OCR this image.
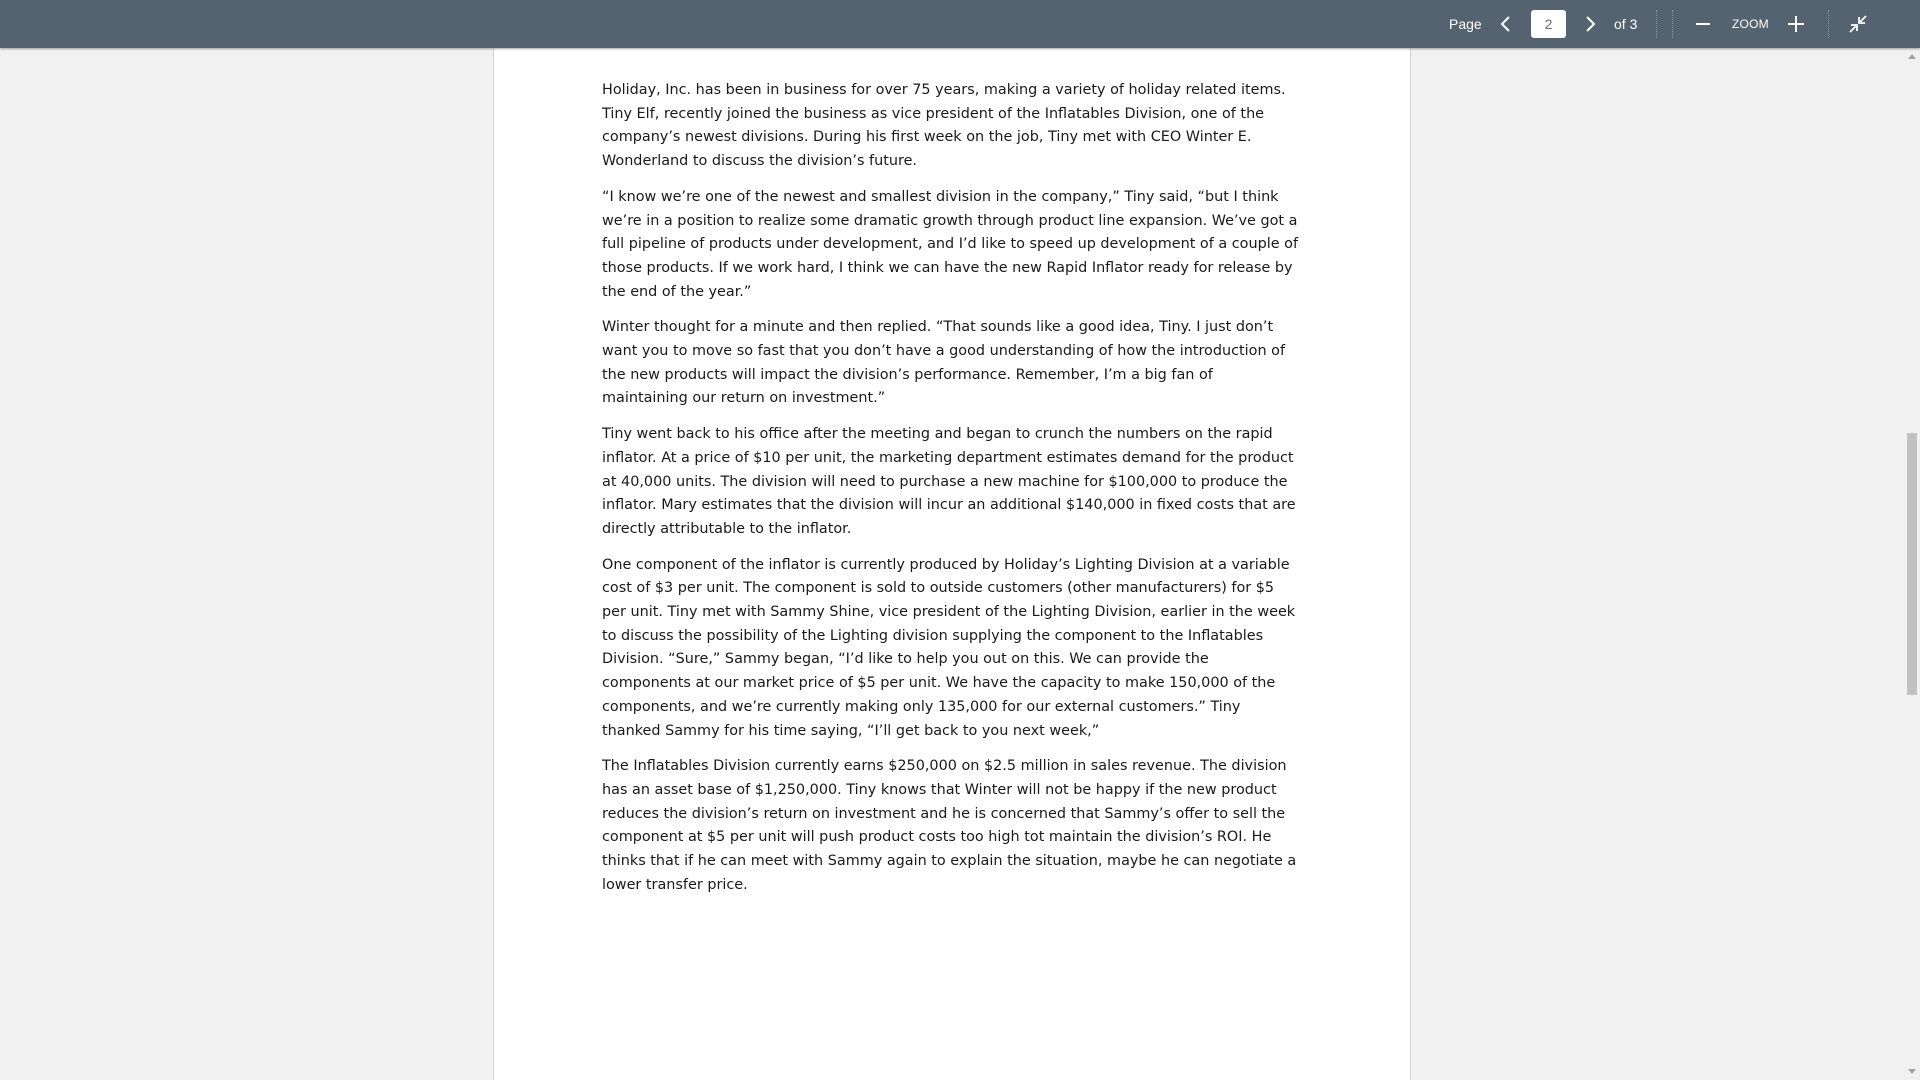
Page
2	of 3	ZOOM

Holiday, Inc. has been in business for over 75 years, making a variety of holiday related items. Tiny Elf, recently joined the business as vice president of the Inflatables Division, one of the company’s newest divisions. During his first week on the job, Tiny met with CEO Winter E. Wonderland to discuss the division’s future.

“I know we’re one of the newest and smallest division in the company,” Tiny said, “but I think we’re in a position to realize some dramatic growth through product line expansion. We’ve got a full pipeline of products under development, and I’d like to speed up development of a couple of those products. If we work hard, I think we can have the new Rapid Inflator ready for release by the end of the year.”

Winter thought for a minute and then replied. “That sounds like a good idea, Tiny. I just don’t want you to move so fast that you don’t have a good understanding of how the introduction of the new products will impact the division’s performance. Remember, I’m a big fan of maintaining our return on investment.”

Tiny went back to his office after the meeting and began to crunch the numbers on the rapid inflator. At a price of $10 per unit, the marketing department estimates demand for the product at 40,000 units. The division will need to purchase a new machine for $100,000 to produce the inflator. Mary estimates that the division will incur an additional $140,000 in fixed costs that are directly attributable to the inflator.

One component of the inflator is currently produced by Holiday’s Lighting Division at a variable cost of $3 per unit. The component is sold to outside customers (other manufacturers) for $5 per unit. Tiny met with Sammy Shine, vice president of the Lighting Division, earlier in the week to discuss the possibility of the Lighting division supplying the component to the Inflatables Division. “Sure,” Sammy began, “I’d like to help you out on this. We can provide the components at our market price of $5 per unit. We have the capacity to make 150,000 of the components, and we’re currently making only 135,000 for our external customers.” Tiny thanked Sammy for his time saying, “I’ll get back to you next week,”

The Inflatables Division currently earns $250,000 on $2.5 million in sales revenue. The division has an asset base of $1,250,000. Tiny knows that Winter will not be happy if the new product reduces the division’s return on investment and he is concerned that Sammy’s offer to sell the component at $5 per unit will push product costs too high tot maintain the division’s ROI. He thinks that if he can meet with Sammy again to explain the situation, maybe he can negotiate a lower transfer price.
